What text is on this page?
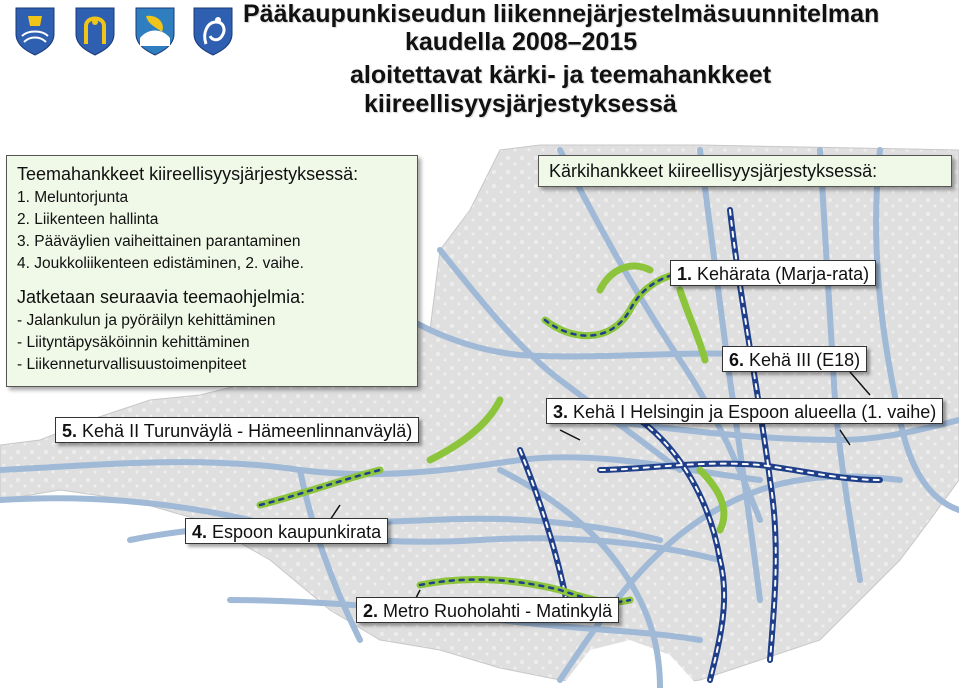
Pääkaupunkiseudun liikennejärjestelmäsuunnitelman
kaudella 2008–2015
aloitettavat kärki- ja teemahankkeet
kiireellisyysjärjestyksessä
Teemahankkeet kiireellisyysjärjestyksessä:
1. Meluntorjunta
2. Liikenteen hallinta
3. Pääväylien vaiheittainen parantaminen
4. Joukkoliikenteen edistäminen, 2. vaihe.
Jatketaan seuraavia teemaohjelmia:
- Jalankulun ja pyöräilyn kehittäminen
- Liityntäpysäköinnin kehittäminen
- Liikenneturvallisuustoimenpiteet
Kärkihankkeet kiireellisyysjärjestyksessä:
1. Kehärata (Marja-rata)
6. Kehä III (E18)
3. Kehä I Helsingin ja Espoon alueella (1. vaihe)
5. Kehä II Turunväylä - Hämeenlinnanväylä)
4. Espoon kaupunkirata
2. Metro Ruoholahti - Matinkylä
